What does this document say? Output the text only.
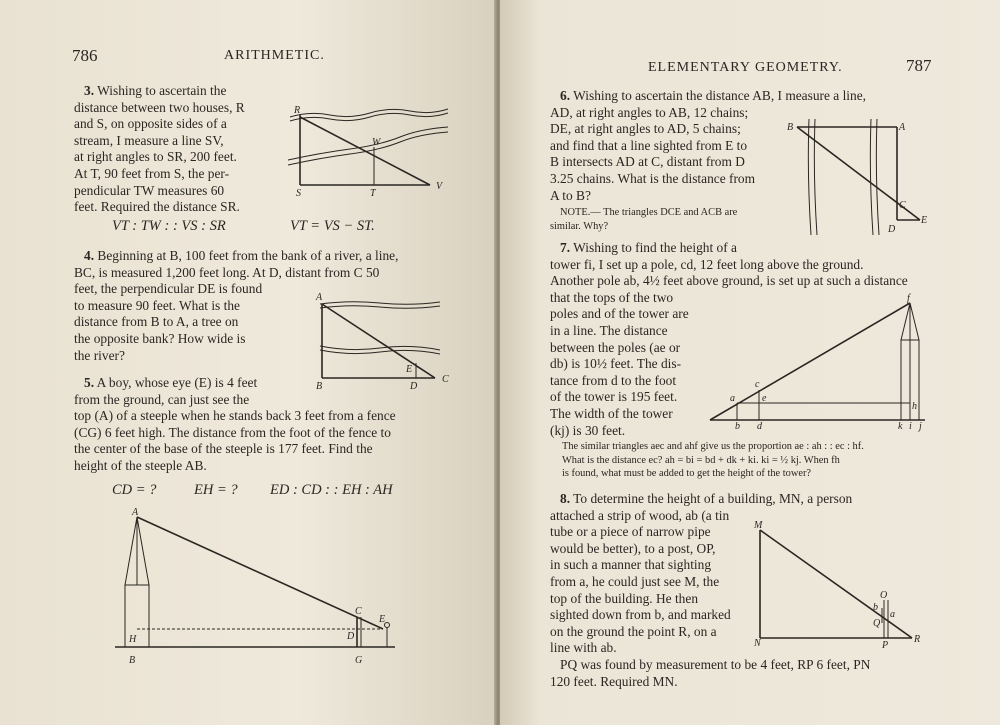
786	ARITHMETIC.
3. Wishing to ascertain the
distance between two houses, R
and S, on opposite sides of a
stream, I measure a line SV,
at right angles to SR, 200 feet.
At T, 90 feet from S, the per-
pendicular TW measures 60
feet. Required the distance SR.
R
S	T
W
V
VT : TW : : VS : SR	VT = VS − ST.
4. Beginning at B, 100 feet from the bank of a river, a line,
BC, is measured 1,200 feet long. At D, distant from C 50
feet, the perpendicular DE is found
to measure 90 feet. What is the
distance from B to A, a tree on
the opposite bank? How wide is
the river?
A
B	D
E
C
5. A boy, whose eye (E) is 4 feet
from the ground, can just see the
top (A) of a steeple when he stands back 3 feet from a fence
(CG) 6 feet high. The distance from the foot of the fence to
the center of the base of the steeple is 177 feet. Find the
height of the steeple AB.
CD = ?	EH = ? ED : CD : : EH : AH
A
H
B
C
D
E
G
ELEMENTARY GEOMETRY.	787
6. Wishing to ascertain the distance AB, I measure a line,
AD, at right angles to AB, 12 chains;
DE, at right angles to AD, 5 chains;
and find that a line sighted from E to
B intersects AD at C, distant from D
3.25 chains. What is the distance from
A to B?
NOTE.— The triangles DCE and ACB are
similar. Why?
B	A
C
D
E
7. Wishing to find the height of a
tower fi, I set up a pole, cd, 12 feet long above the ground.
Another pole ab, 4½ feet above ground, is set up at such a distance
that the tops of the two
poles and of the tower are
in a line. The distance
between the poles (ae or
db) is 10½ feet. The dis-
tance from d to the foot
of the tower is 195 feet.
The width of the tower
(kj) is 30 feet.
f
c
a	e
h
b d	k i j
The similar triangles aec and ahf give us the proportion ae : ah : : ec : hf.
What is the distance ec? ah = bi = bd + dk + ki. ki = ½ kj. When fh
is found, what must be added to get the height of the tower?
8. To determine the height of a building, MN, a person
attached a strip of wood, ab (a tin
tube or a piece of narrow pipe
would be better), to a post, OP,
in such a manner that sighting
from a, he could just see M, the
top of the building. He then
sighted down from b, and marked
on the ground the point R, on a
line with ab.
PQ was found by measurement to be 4 feet, RP 6 feet, PN
120 feet. Required MN.
M
N
O
b
a
Q
P
R
